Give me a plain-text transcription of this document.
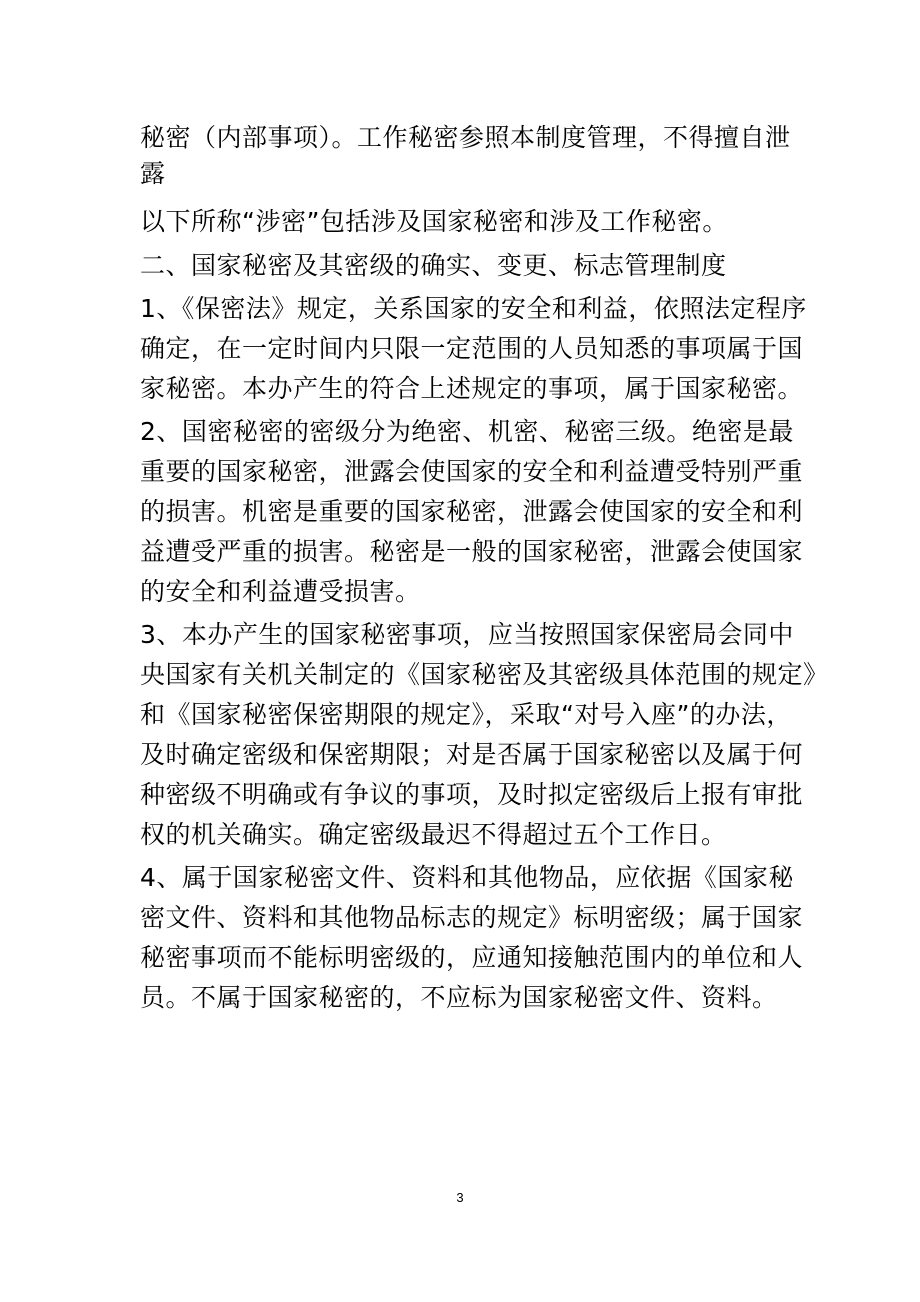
秘密（内部事项）。工作秘密参照本制度管理，不得擅自泄
露
以下所称“涉密”包括涉及国家秘密和涉及工作秘密。
二、国家秘密及其密级的确实、变更、标志管理制度
1、《保密法》规定，关系国家的安全和利益，依照法定程序
确定，在一定时间内只限一定范围的人员知悉的事项属于国
家秘密。本办产生的符合上述规定的事项，属于国家秘密。
2、国密秘密的密级分为绝密、机密、秘密三级。绝密是最
重要的国家秘密，泄露会使国家的安全和利益遭受特别严重
的损害。机密是重要的国家秘密，泄露会使国家的安全和利
益遭受严重的损害。秘密是一般的国家秘密，泄露会使国家
的安全和利益遭受损害。
3、本办产生的国家秘密事项，应当按照国家保密局会同中
央国家有关机关制定的《国家秘密及其密级具体范围的规定》
和《国家秘密保密期限的规定》，采取“对号入座”的办法，
及时确定密级和保密期限；对是否属于国家秘密以及属于何
种密级不明确或有争议的事项，及时拟定密级后上报有审批
权的机关确实。确定密级最迟不得超过五个工作日。
4、属于国家秘密文件、资料和其他物品，应依据《国家秘
密文件、资料和其他物品标志的规定》标明密级；属于国家
秘密事项而不能标明密级的，应通知接触范围内的单位和人
员。不属于国家秘密的，不应标为国家秘密文件、资料。
3
